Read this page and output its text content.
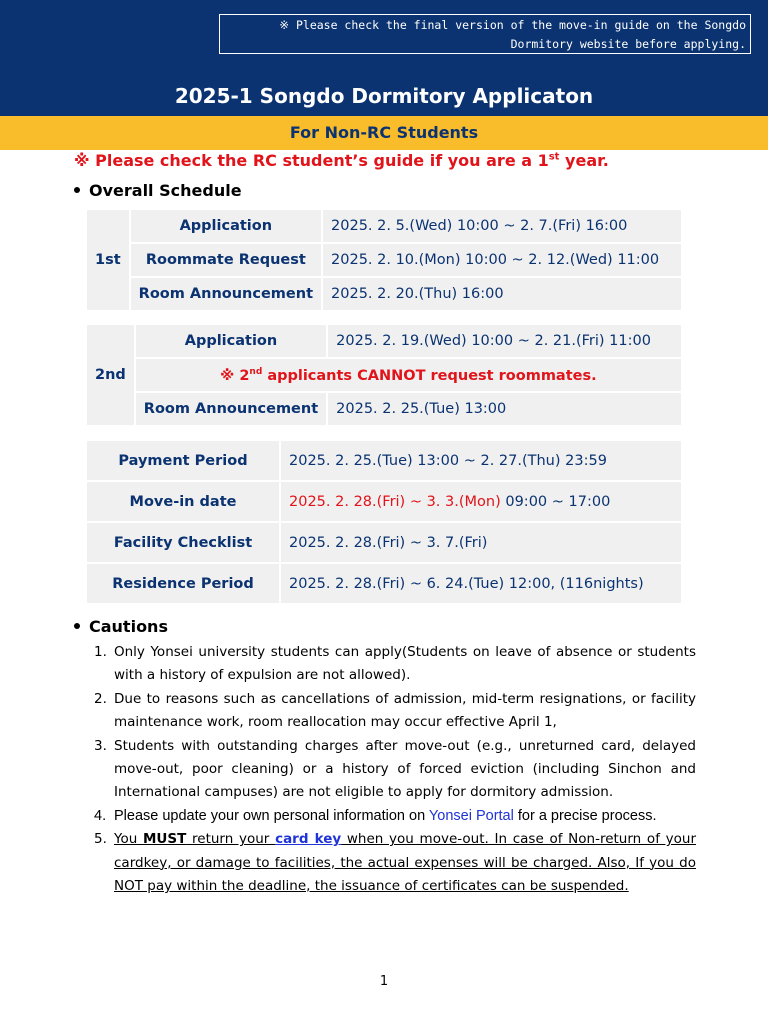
※ Please check the final version of the move-in guide on the Songdo
Dormitory website before applying.
2025-1 Songdo Dormitory Applicaton
For Non-RC Students
※ Please check the RC student’s guide if you are a 1st year.
Overall Schedule
1st	Application	2025. 2. 5.(Wed) 10:00 ~ 2. 7.(Fri) 16:00
	Roommate Request	2025. 2. 10.(Mon) 10:00 ~ 2. 12.(Wed) 11:00
	Room Announcement	2025. 2. 20.(Thu) 16:00
2nd	Application	2025. 2. 19.(Wed) 10:00 ~ 2. 21.(Fri) 11:00
	※ 2nd applicants CANNOT request roommates.	
	Room Announcement	2025. 2. 25.(Tue) 13:00
Payment Period	2025. 2. 25.(Tue) 13:00 ~ 2. 27.(Thu) 23:59
Move-in date	2025. 2. 28.(Fri) ~ 3. 3.(Mon) 09:00 ~ 17:00
Facility Checklist	2025. 2. 28.(Fri) ~ 3. 7.(Fri)
Residence Period	2025. 2. 28.(Fri) ~ 6. 24.(Tue) 12:00, (116nights)
Cautions
1. Only Yonsei university students can apply(Students on leave of absence or students with a history of expulsion are not allowed).
2. Due to reasons such as cancellations of admission, mid-term resignations, or facility maintenance work, room reallocation may occur effective April 1,
3. Students with outstanding charges after move-out (e.g., unreturned card, delayed move-out, poor cleaning) or a history of forced eviction (including Sinchon and International campuses) are not eligible to apply for dormitory admission.
4. Please update your own personal information on Yonsei Portal for a precise process.
5. You MUST return your card key when you move-out. In case of Non-return of your cardkey, or damage to facilities, the actual expenses will be charged. Also, If you do NOT pay within the deadline, the issuance of certificates can be suspended.
1
